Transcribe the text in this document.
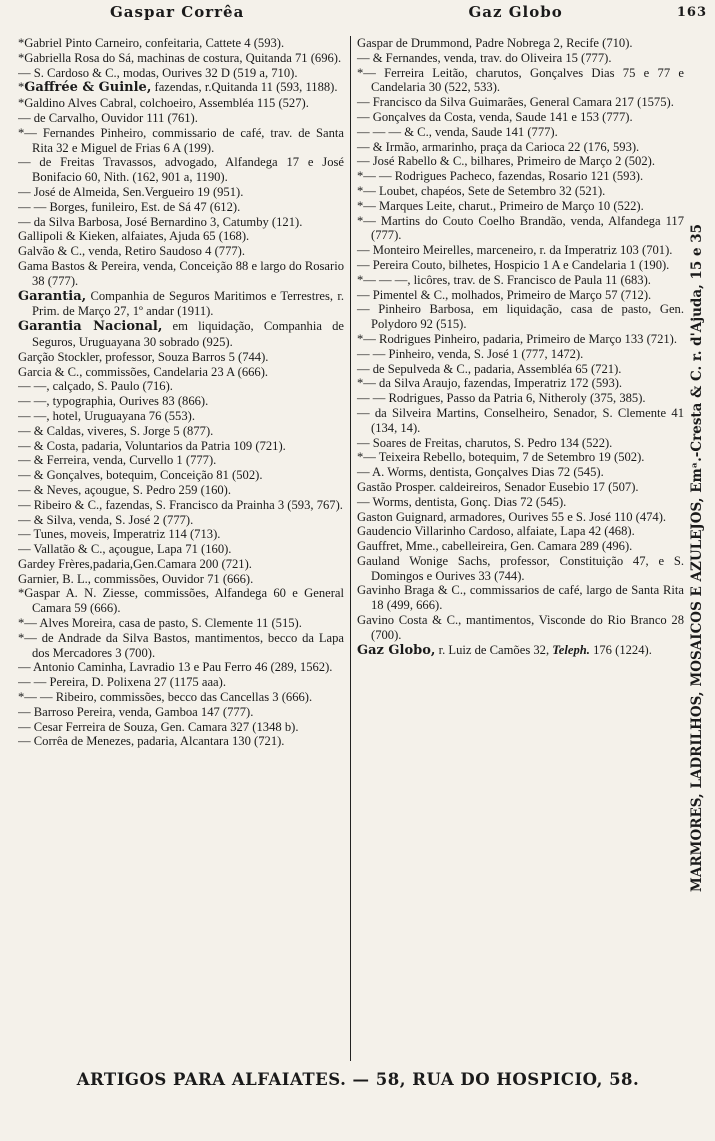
Gaspar Corrêa	Gaz Globo	163

*Gabriel Pinto Carneiro, confeitaria, Cattete 4 (593).

*Gabriella Rosa do Sá, machinas de costura, Quitanda 71 (696).

— S. Cardoso & C., modas, Ourives 32 D (519 a, 710).

*Gaffrée & Guinle, fazendas, r.Quitanda 11 (593, 1188).

*Galdino Alves Cabral, colchoeiro, Assembléa 115 (527).

— de Carvalho, Ouvidor 111 (761).

*— Fernandes Pinheiro, commissario de café, trav. de Santa Rita 32 e Miguel de Frias 6 A (199).

— de Freitas Travassos, advogado, Alfandega 17 e José Bonifacio 60, Nith. (162, 901 a, 1190).

— José de Almeida, Sen.Vergueiro 19 (951).

— — Borges, funileiro, Est. de Sá 47 (612).

— da Silva Barbosa, José Bernardino 3, Catumby (121).

Gallipoli & Kieken, alfaiates, Ajuda 65 (168).

Galvão & C., venda, Retiro Saudoso 4 (777).

Gama Bastos & Pereira, venda, Conceição 88 e largo do Rosario 38 (777).

Garantia, Companhia de Seguros Maritimos e Terrestres, r. Prim. de Março 27, 1º andar (1911).

Garantia Nacional, em liquidação, Companhia de Seguros, Uruguayana 30 sobrado (925).

Garção Stockler, professor, Souza Barros 5 (744).

Garcia & C., commissões, Candelaria 23 A (666).

— —, calçado, S. Paulo (716).

— —, typographia, Ourives 83 (866).

— —, hotel, Uruguayana 76 (553).

— & Caldas, viveres, S. Jorge 5 (877).

— & Costa, padaria, Voluntarios da Patria 109 (721).

— & Ferreira, venda, Curvello 1 (777).

— & Gonçalves, botequim, Conceição 81 (502).

— & Neves, açougue, S. Pedro 259 (160).

— Ribeiro & C., fazendas, S. Francisco da Prainha 3 (593, 767).

— & Silva, venda, S. José 2 (777).

— Tunes, moveis, Imperatriz 114 (713).

— Vallatão & C., açougue, Lapa 71 (160).

Gardey Frères,padaria,Gen.Camara 200 (721).

Garnier, B. L., commissões, Ouvidor 71 (666).

*Gaspar A. N. Ziesse, commissões, Alfandega 60 e General Camara 59 (666).

*— Alves Moreira, casa de pasto, S. Clemente 11 (515).

*— de Andrade da Silva Bastos, mantimentos, becco da Lapa dos Mercadores 3 (700).

— Antonio Caminha, Lavradio 13 e Pau Ferro 46 (289, 1562).

— — Pereira, D. Polixena 27 (1175 aaa).

*— — Ribeiro, commissões, becco das Cancellas 3 (666).

— Barroso Pereira, venda, Gamboa 147 (777).

— Cesar Ferreira de Souza, Gen. Camara 327 (1348 b).

— Corrêa de Menezes, padaria, Alcantara 130 (721).

Gaspar de Drummond, Padre Nobrega 2, Recife (710).

— & Fernandes, venda, trav. do Oliveira 15 (777).

*— Ferreira Leitão, charutos, Gonçalves Dias 75 e 77 e Candelaria 30 (522, 533).

— Francisco da Silva Guimarães, General Camara 217 (1575).

— Gonçalves da Costa, venda, Saude 141 e 153 (777).

— — — & C., venda, Saude 141 (777).

— & Irmão, armarinho, praça da Carioca 22 (176, 593).

— José Rabello & C., bilhares, Primeiro de Março 2 (502).

*— — Rodrigues Pacheco, fazendas, Rosario 121 (593).

*— Loubet, chapéos, Sete de Setembro 32 (521).

*— Marques Leite, charut., Primeiro de Março 10 (522).

*— Martins do Couto Coelho Brandão, venda, Alfandega 117 (777).

— Monteiro Meirelles, marceneiro, r. da Imperatriz 103 (701).

— Pereira Couto, bilhetes, Hospicio 1 A e Candelaria 1 (190).

*— — —, licôres, trav. de S. Francisco de Paula 11 (683).

— Pimentel & C., molhados, Primeiro de Março 57 (712).

— Pinheiro Barbosa, em liquidação, casa de pasto, Gen. Polydoro 92 (515).

*— Rodrigues Pinheiro, padaria, Primeiro de Março 133 (721).

— — Pinheiro, venda, S. José 1 (777, 1472).

— de Sepulveda & C., padaria, Assembléa 65 (721).

*— da Silva Araujo, fazendas, Imperatriz 172 (593).

— — Rodrigues, Passo da Patria 6, Nitheroly (375, 385).

— da Silveira Martins, Conselheiro, Senador, S. Clemente 41 (134, 14).

— Soares de Freitas, charutos, S. Pedro 134 (522).

*— Teixeira Rebello, botequim, 7 de Setembro 19 (502).

— A. Worms, dentista, Gonçalves Dias 72 (545).

Gastão Prosper. caldeireiros, Senador Eusebio 17 (507).

— Worms, dentista, Gonç. Dias 72 (545).

Gaston Guignard, armadores, Ourives 55 e S. José 110 (474).

Gaudencio Villarinho Cardoso, alfaiate, Lapa 42 (468).

Gauffret, Mme., cabelleireira, Gen. Camara 289 (496).

Gauland Wonige Sachs, professor, Constituição 47, e S. Domingos e Ourives 33 (744).

Gavinho Braga & C., commissarios de café, largo de Santa Rita 18 (499, 666).

Gavino Costa & C., mantimentos, Visconde do Rio Branco 28 (700).

Gaz Globo, r. Luiz de Camões 32, Teleph. 176 (1224).	MARMORES, LADRILHOS, MOSAICOS E AZULEJOS, Emᵃ.-Cresta & C. r. d'Ajuda, 15 e 35
ARTIGOS PARA ALFAIATES. — 58, RUA DO HOSPICIO, 58.
